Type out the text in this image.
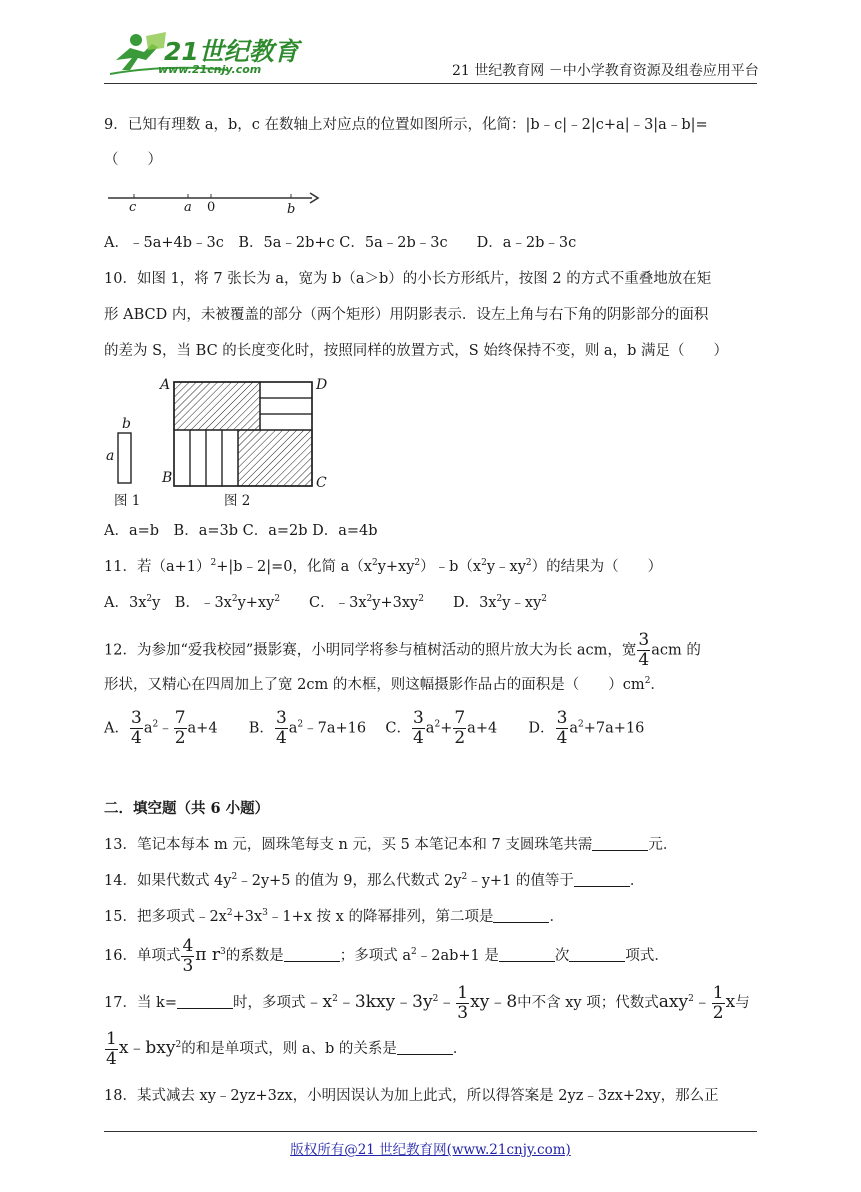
21世纪教育
www.21cnjy.com	21 世纪教育网 －中小学教育资源及组卷应用平台
9．已知有理数 a，b，c 在数轴上对应点的位置如图所示，化简：|b﹣c|﹣2|c+a|﹣3|a﹣b|=
（　　）
c	a 0	b
A．﹣5a+4b﹣3c　B．5a﹣2b+c C．5a﹣2b﹣3c　　D．a﹣2b﹣3c
10．如图 1，将 7 张长为 a，宽为 b（a＞b）的小长方形纸片，按图 2 的方式不重叠地放在矩
形 ABCD 内，未被覆盖的部分（两个矩形）用阴影表示．设左上角与右下角的阴影部分的面积
的差为 S，当 BC 的长度变化时，按照同样的放置方式，S 始终保持不变，则 a，b 满足（　　）
b
a
图 1	图 2
A	D
B	C
A．a=b　B．a=3b C．a=2b D．a=4b
11．若$(a+1)^2+|b﹣2|=0$，化简 $a(x^2y+xy^2)﹣b(x^2y﹣xy^2)$的结果为（　　）
A．$3x^2y$　B．$﹣3x^2y+xy^2$　　C．$﹣3x^2y+3xy^2$　　D．$3x^2y﹣xy^2$
12．为参加“爱我校园”摄影赛，小明同学将参与植树活动的照片放大为长 acm，宽 $\frac{3}{4}$ acm 的
形状，又精心在四周加上了宽 2cm 的木框，则这幅摄影作品占的面积是（　　）$cm^2$．
A． $\frac{3}{4}$ $a^2﹣ \frac{7}{2} a+4$ B． $\frac{3}{4}$ $a^2﹣7a+16$ C． $\frac{3}{4} a^2+ \frac{7}{2} a+4$ D． $\frac{3}{4} a^2+7a+16$
二．填空题（共 6 小题）
13．笔记本每本 m 元，圆珠笔每支 n 元，买 5 本笔记本和 7 支圆珠笔共需	元．
14．如果代数式 $4y^2﹣2y+5$ 的值为 9，那么代数式 $2y^2﹣y+1$ 的值等于	．
15．把多项式$﹣2x^2+3x^3﹣1+x$ 按 x 的降幂排列，第二项是	．
16．单项式 $\frac{4}{3}$ π $r^3$的系数是	；多项式 $a^2﹣2ab+1$ 是	次	项式．
17．当 k=	时，多项式$﹣x^2﹣3kxy﹣3y^2﹣ \frac{1}{3}$ xy﹣8中不含 xy 项；代数式axy$^2$﹣ $\frac{1}{2}$ x与
$\frac{1}{4}$ x﹣bxy$^2$的和是单项式，则 a、b 的关系是	．
18．某式减去 xy﹣2yz+3zx，小明因误认为加上此式，所以得答案是 2yz﹣3zx+2xy，那么正
版权所有@21 世纪教育网(www.21cnjy.com)
